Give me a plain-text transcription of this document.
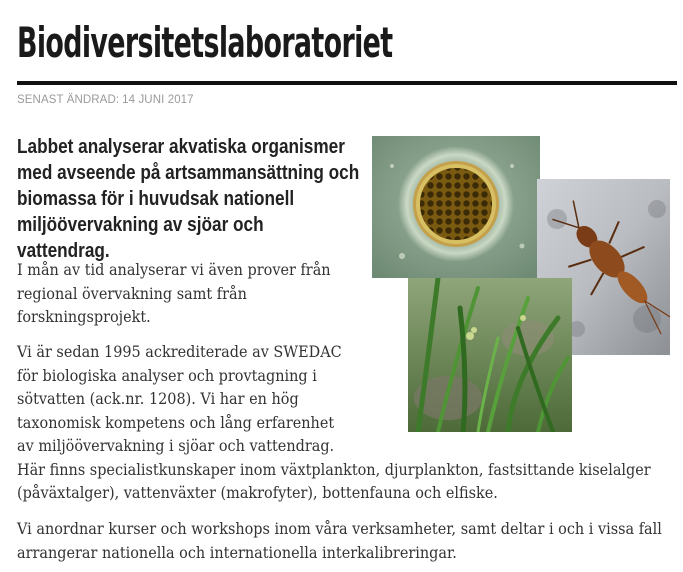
Biodiversitetslaboratoriet
SENAST ÄNDRAD: 14 JUNI 2017
Labbet analyserar akvatiska organismer med avseende på artsammansättning och biomassa för i huvudsak nationell miljöövervakning av sjöar och vattendrag.
I mån av tid analyserar vi även prover från regional övervakning samt från forskningsprojekt.
Vi är sedan 1995 ackrediterade av SWEDAC
för biologiska analyser och provtagning i
sötvatten (ack.nr. 1208). Vi har en hög
taxonomisk kompetens och lång erfarenhet
av miljöövervakning i sjöar och vattendrag.
Här finns specialistkunskaper inom växtplankton, djurplankton, fastsittande kiselalger
(påväxtalger), vattenväxter (makrofyter), bottenfauna och elfiske.
Vi anordnar kurser och workshops inom våra verksamheter, samt deltar i och i vissa fall arrangerar nationella och internationella interkalibreringar.
